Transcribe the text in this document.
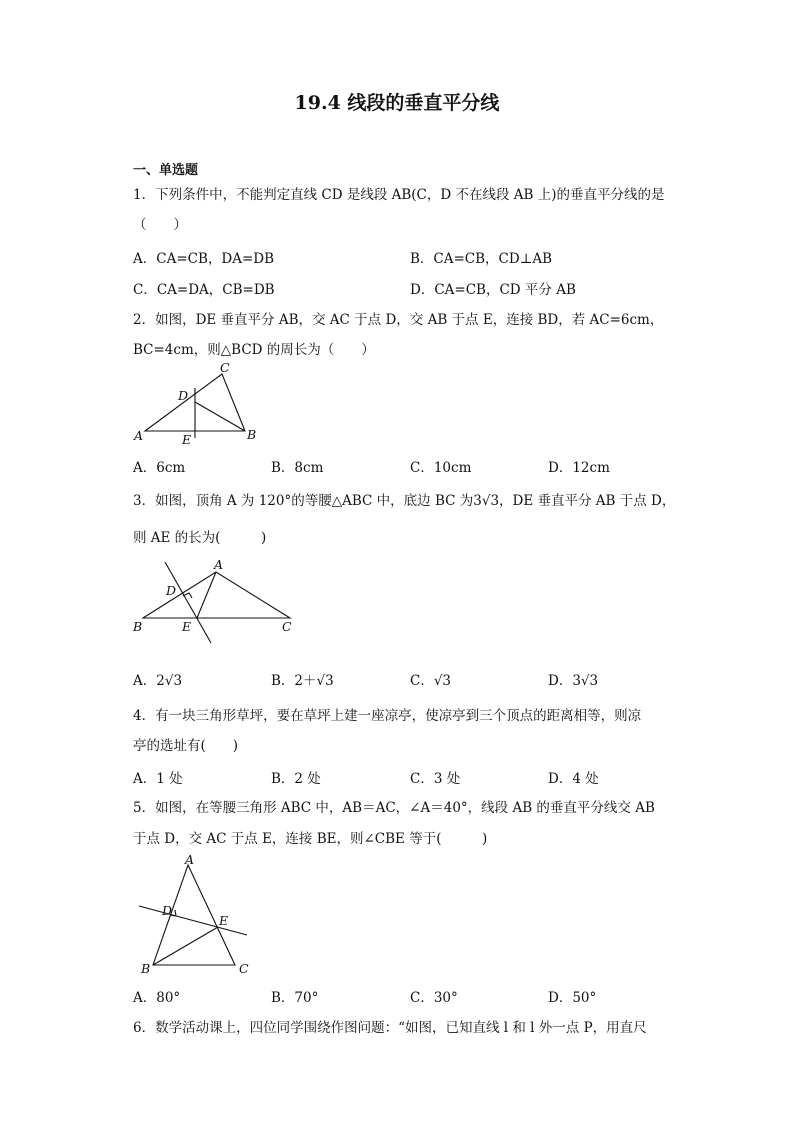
19.4 线段的垂直平分线
一、单选题
1．下列条件中，不能判定直线 CD 是线段 AB(C，D 不在线段 AB 上)的垂直平分线的是
（　　）
A．CA=CB，DA=DB	B．CA=CB，CD⊥AB
C．CA=DA，CB=DB	D．CA=CB，CD 平分 AB
2．如图，DE 垂直平分 AB，交 AC 于点 D，交 AB 于点 E，连接 BD，若 AC=6cm，
BC=4cm，则△BCD 的周长为（　　）
A	B
C
D
E
A．6cm	B．8cm	C．10cm	D．12cm
3．如图，顶角 A 为 120°的等腰△ABC 中，底边 BC 为3√3，DE 垂直平分 AB 于点 D，
则 AE 的长为(　　　)
B	C
A
D
E
A．2√3	B．2＋√3	C．√3	D．3√3
4．有一块三角形草坪，要在草坪上建一座凉亭，使凉亭到三个顶点的距离相等，则凉
亭的选址有(　　)
A．1 处	B．2 处	C．3 处	D．4 处
5．如图，在等腰三角形 ABC 中，AB＝AC，∠A＝40°，线段 AB 的垂直平分线交 AB
于点 D，交 AC 于点 E，连接 BE，则∠CBE 等于(　　　)
A
B	C
D
E
A．80°	B．70°	C．30°	D．50°
6．数学活动课上，四位同学围绕作图问题：“如图，已知直线 l 和 l 外一点 P，用直尺
